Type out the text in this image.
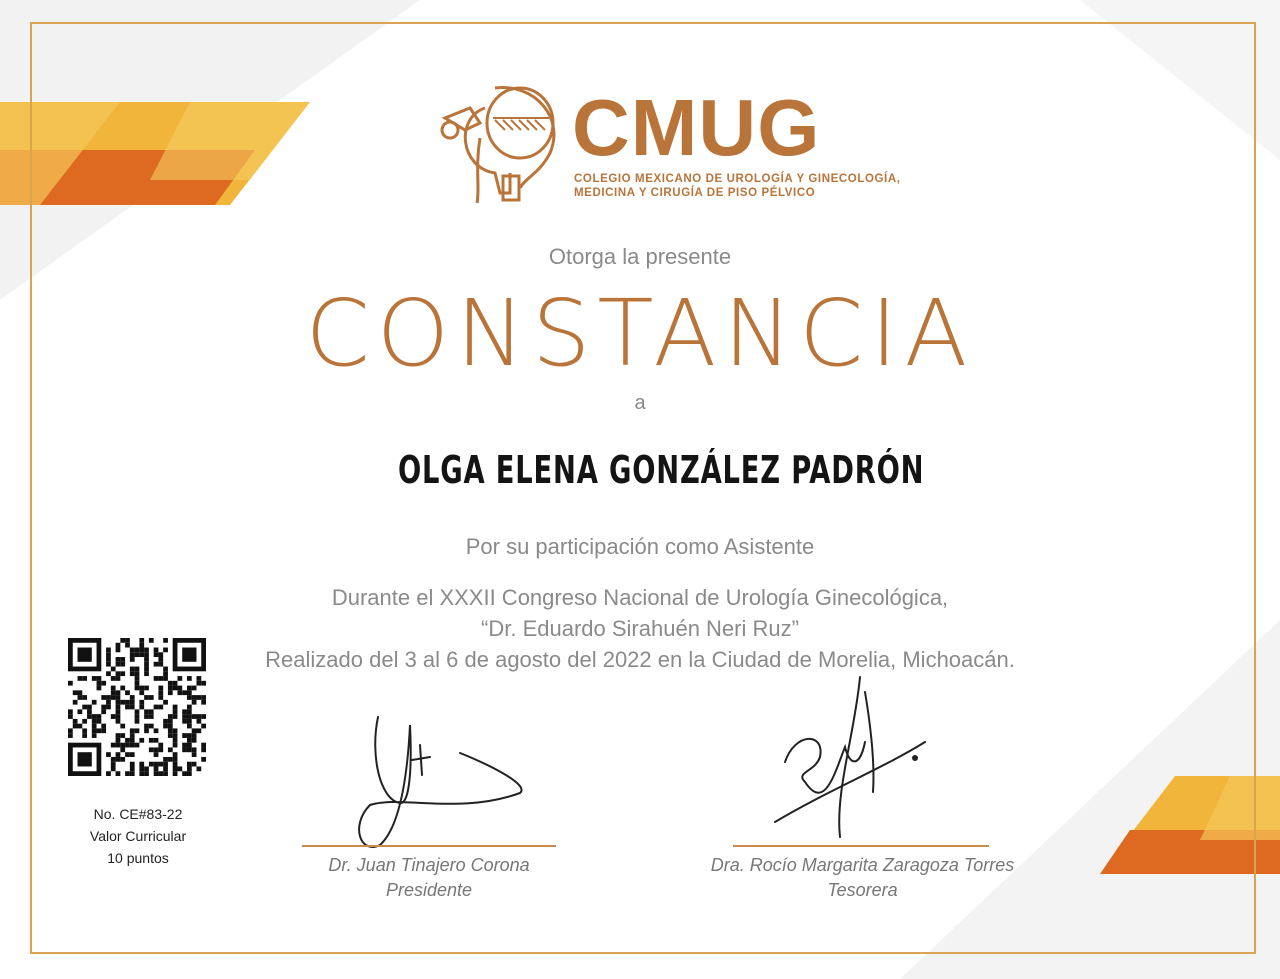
CMUG
COLEGIO MEXICANO DE UROLOGÍA Y GINECOLOGÍA,
MEDICINA Y CIRUGÍA DE PISO PÉLVICO
Otorga la presente
CONSTANCIA
a
OLGA ELENA GONZÁLEZ PADRÓN
Por su participación como Asistente
Durante el XXXII Congreso Nacional de Urología Ginecológica,
“Dr. Eduardo Sirahuén Neri Ruz”
Realizado del 3 al 6 de agosto del 2022 en la Ciudad de Morelia, Michoacán.
No. CE#83-22
Valor Curricular
10 puntos	Dr. Juan Tinajero Corona
Presidente
Dra. Rocío Margarita Zaragoza Torres
Tesorera
